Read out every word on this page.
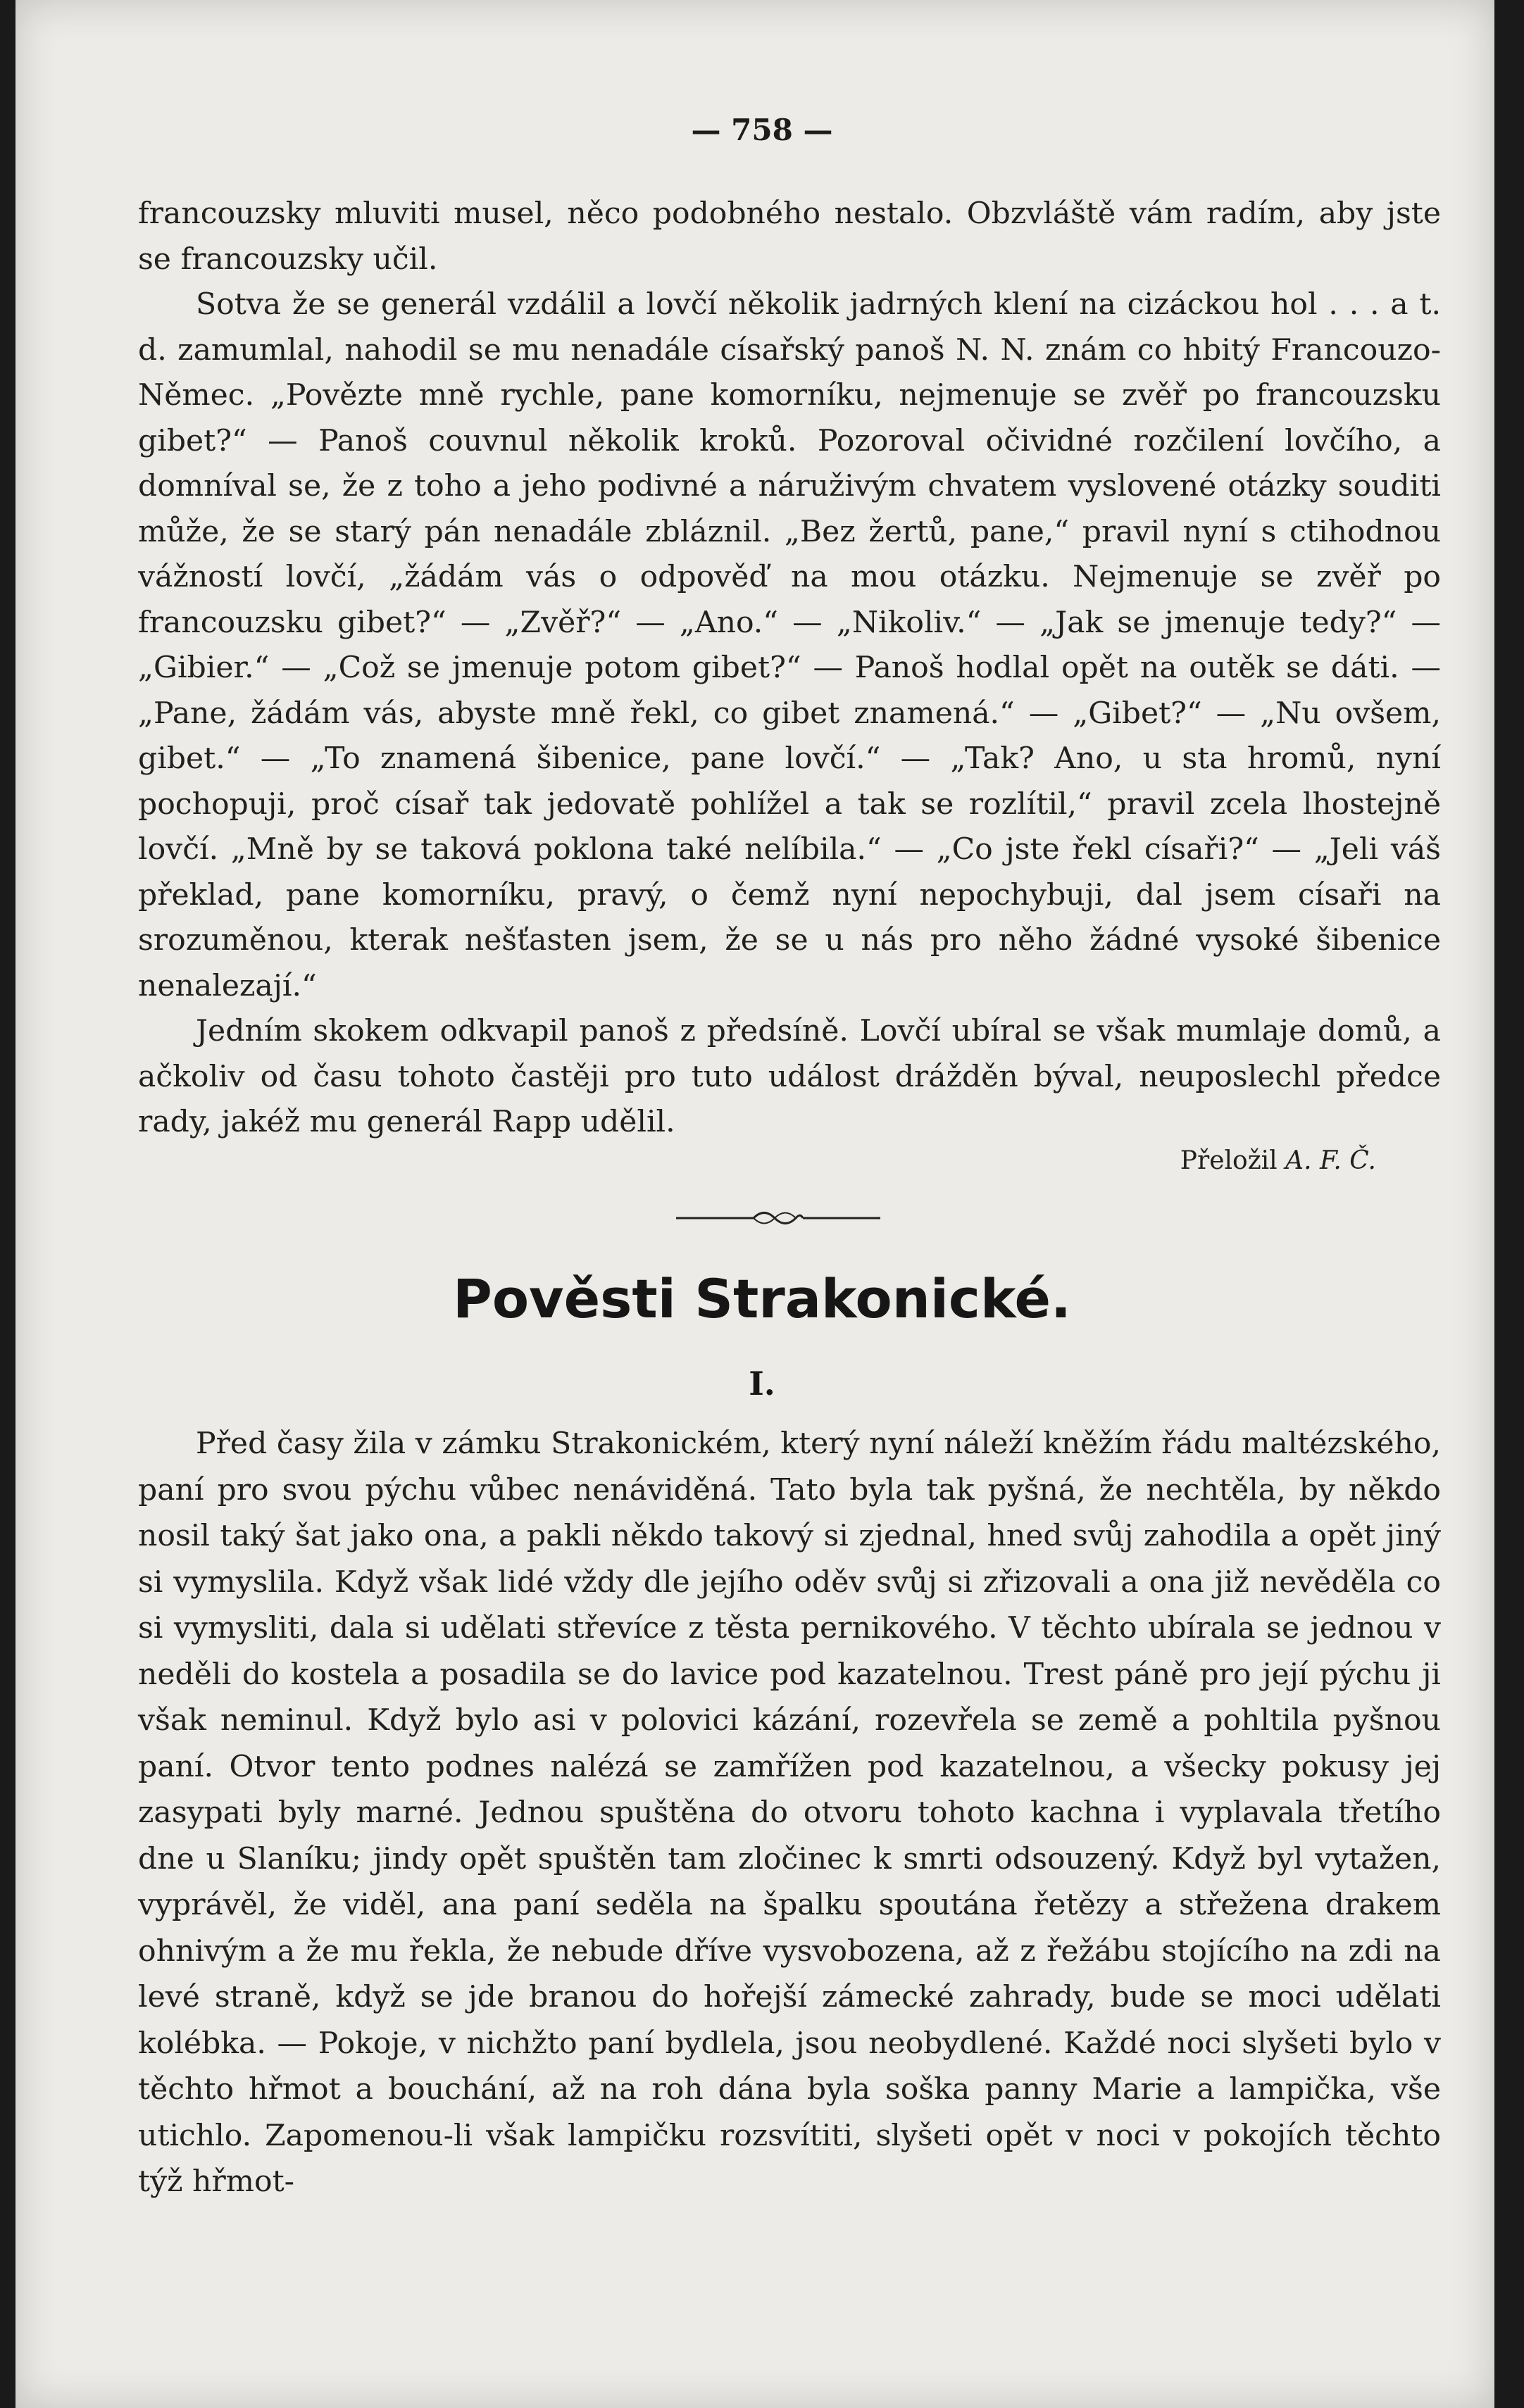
— 758 —

francouzsky mluviti musel, něco podobného nestalo. Obzvláště vám radím, aby jste se francouzsky učil.

Sotva že se generál vzdálil a lovčí několik jadrných klení na cizáckou hol . . . a t. d. zamumlal, nahodil se mu nenadále císařský panoš N. N. znám co hbitý Francouzo-Němec. „Povězte mně rychle, pane komorníku, nejmenuje se zvěř po francouzsku gibet?“ — Panoš couvnul několik kroků. Pozoroval očividné rozčilení lovčího, a domníval se, že z toho a jeho podivné a náruživým chvatem vyslovené otázky souditi může, že se starý pán nenadále zbláznil. „Bez žertů, pane,“ pravil nyní s ctihodnou vážností lovčí, „žádám vás o odpověď na mou otázku. Nejmenuje se zvěř po francouzsku gibet?“ — „Zvěř?“ — „Ano.“ — „Nikoliv.“ — „Jak se jmenuje tedy?“ — „Gibier.“ — „Což se jmenuje potom gibet?“ — Panoš hodlal opět na outěk se dáti. — „Pane, žádám vás, abyste mně řekl, co gibet znamená.“ — „Gibet?“ — „Nu ovšem, gibet.“ — „To znamená šibenice, pane lovčí.“ — „Tak? Ano, u sta hromů, nyní pochopuji, proč císař tak jedovatě pohlížel a tak se rozlítil,“ pravil zcela lhostejně lovčí. „Mně by se taková poklona také nelíbila.“ — „Co jste řekl císaři?“ — „Jeli váš překlad, pane komorníku, pravý, o čemž nyní nepochybuji, dal jsem císaři na srozuměnou, kterak nešťasten jsem, že se u nás pro něho žádné vysoké šibenice nenalezají.“

Jedním skokem odkvapil panoš z předsíně. Lovčí ubíral se však mumlaje domů, a ačkoliv od času tohoto častěji pro tuto událost drážděn býval, neuposlechl předce rady, jakéž mu generál Rapp udělil.

Přeložil A. F. Č.
Pověsti Strakonické.
I.

Před časy žila v zámku Strakonickém, který nyní náleží kněžím řádu maltézského, paní pro svou pýchu vůbec nenáviděná. Tato byla tak pyšná, že nechtěla, by někdo nosil taký šat jako ona, a pakli někdo takový si zjednal, hned svůj zahodila a opět jiný si vymyslila. Když však lidé vždy dle jejího oděv svůj si zřizovali a ona již nevěděla co si vymysliti, dala si udělati střevíce z těsta pernikového. V těchto ubírala se jednou v neděli do kostela a posadila se do lavice pod kazatelnou. Trest páně pro její pýchu ji však neminul. Když bylo asi v polovici kázání, rozevřela se země a pohltila pyšnou paní. Otvor tento podnes nalézá se zamřížen pod kazatelnou, a všecky pokusy jej zasypati byly marné. Jednou spuštěna do otvoru tohoto kachna i vyplavala třetího dne u Slaníku; jindy opět spuštěn tam zločinec k smrti odsouzený. Když byl vytažen, vyprávěl, že viděl, ana paní seděla na špalku spoutána řetězy a střežena drakem ohnivým a že mu řekla, že nebude dříve vysvobozena, až z řežábu stojícího na zdi na levé straně, když se jde branou do hořejší zámecké zahrady, bude se moci udělati kolébka. — Pokoje, v nichžto paní bydlela, jsou neobydlené. Každé noci slyšeti bylo v těchto hřmot a bouchání, až na roh dána byla soška panny Marie a lampička, vše utichlo. Zapomenou-li však lampičku rozsvítiti, slyšeti opět v noci v pokojích těchto týž hřmot-
